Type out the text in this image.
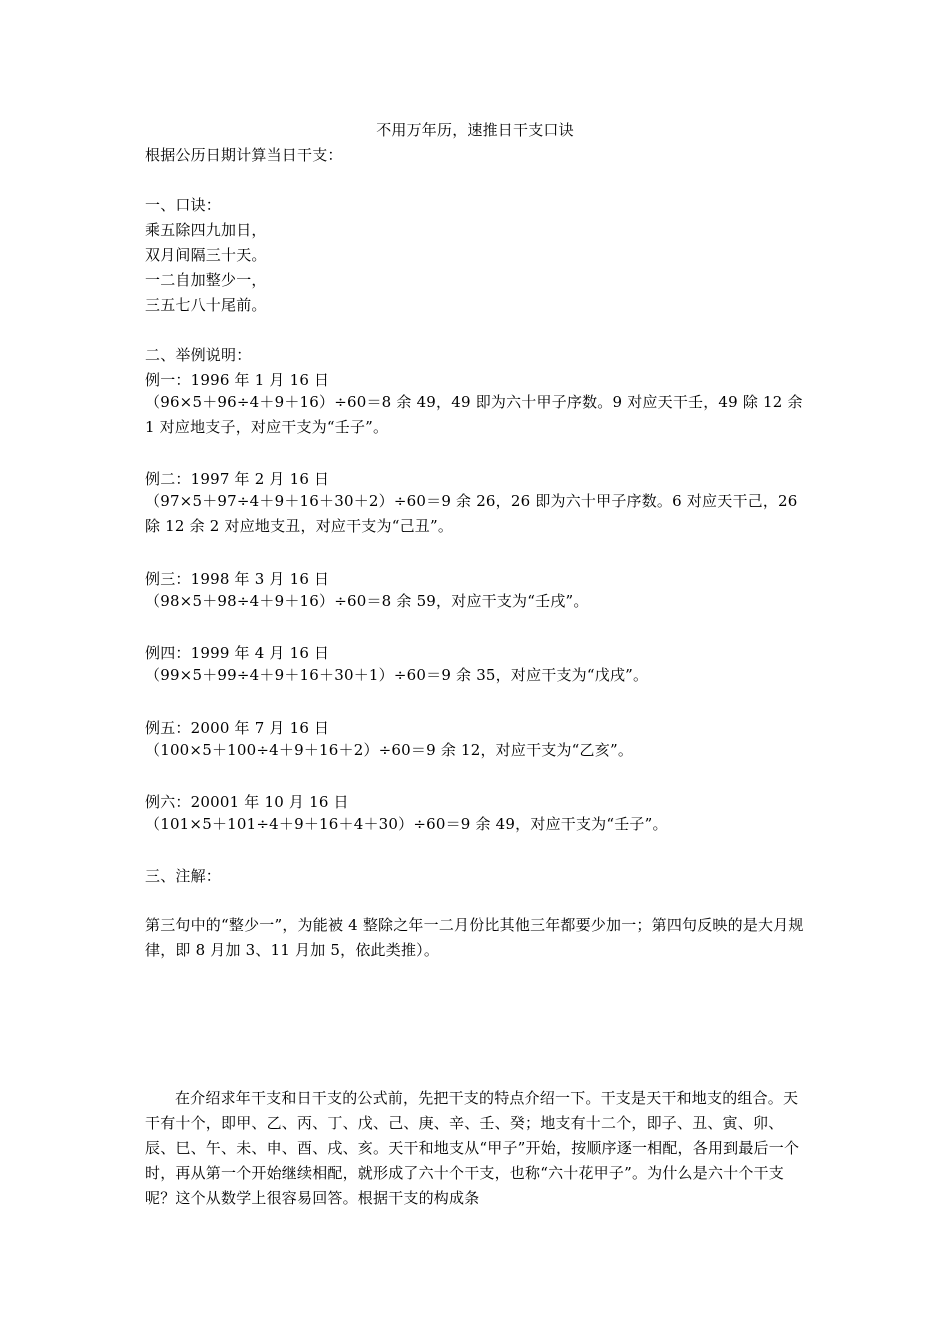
不用万年历，速推日干支口诀
根据公历日期计算当日干支：
一、口诀：
乘五除四九加日，
双月间隔三十天。
一二自加整少一，
三五七八十尾前。
二、举例说明：
例一：1996 年 1 月 16 日
（96×5＋96÷4＋9＋16）÷60＝8 余 49，49 即为六十甲子序数。9 对应天干壬，49 除 12 余 1 对应地支子，对应干支为“壬子”。
例二：1997 年 2 月 16 日
（97×5＋97÷4＋9＋16＋30＋2）÷60＝9 余 26，26 即为六十甲子序数。6 对应天干己，26 除 12 余 2 对应地支丑，对应干支为“己丑”。
例三：1998 年 3 月 16 日
（98×5＋98÷4＋9＋16）÷60＝8 余 59，对应干支为“壬戌”。
例四：1999 年 4 月 16 日
（99×5＋99÷4＋9＋16＋30＋1）÷60＝9 余 35，对应干支为“戊戌”。
例五：2000 年 7 月 16 日
（100×5＋100÷4＋9＋16＋2）÷60＝9 余 12，对应干支为“乙亥”。
例六：20001 年 10 月 16 日
（101×5＋101÷4＋9＋16＋4＋30）÷60＝9 余 49，对应干支为“壬子”。
三、注解：
第三句中的“整少一”，为能被 4 整除之年一二月份比其他三年都要少加一；第四句反映的是大月规律，即 8 月加 3、11 月加 5，依此类推）。
在介绍求年干支和日干支的公式前，先把干支的特点介绍一下。干支是天干和地支的组合。天干有十个，即甲、乙、丙、丁、戊、己、庚、辛、壬、癸；地支有十二个，即子、丑、寅、卯、辰、巳、午、未、申、酉、戌、亥。天干和地支从“甲子”开始，按顺序逐一相配，各用到最后一个时，再从第一个开始继续相配，就形成了六十个干支，也称“六十花甲子”。为什么是六十个干支呢？这个从数学上很容易回答。根据干支的构成条
